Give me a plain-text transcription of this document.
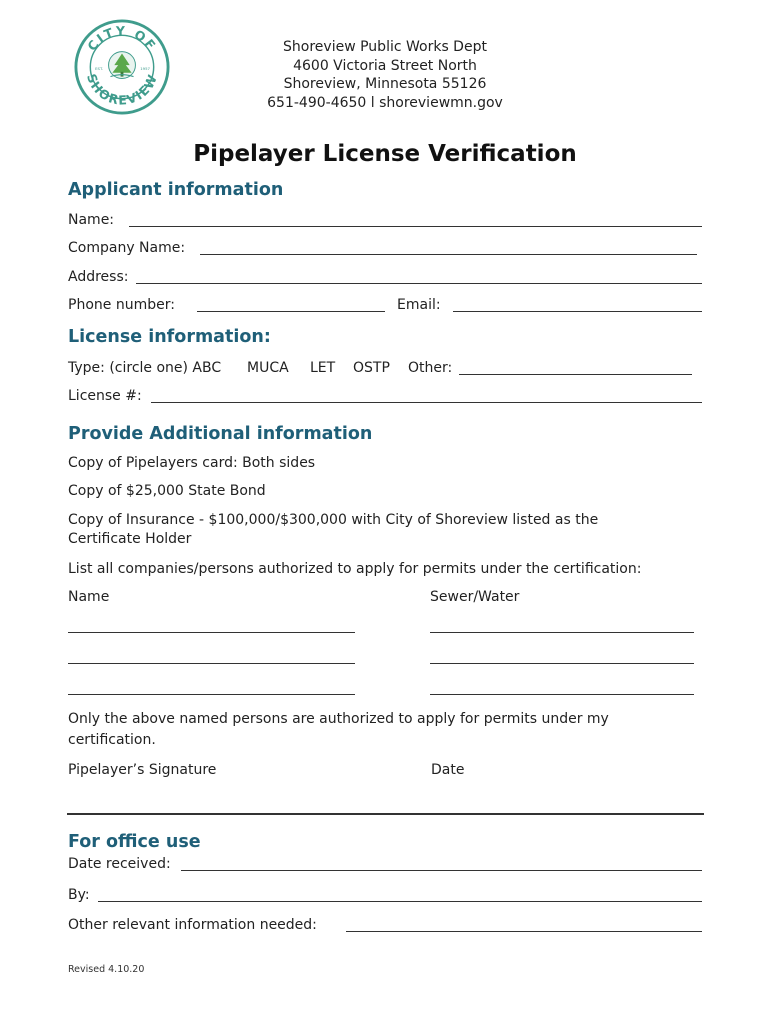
CITY OF
SHOREVIEW
EST.	1957
Shoreview Public Works Dept
4600 Victoria Street North
Shoreview, Minnesota 55126
651-490-4650 l shoreviewmn.gov
Pipelayer License Verification
Applicant information
Name:
Company Name:
Address:
Phone number:	Email:
License information:
Type: (circle one) ABC MUCA LET OSTP Other:
License #:
Provide Additional information
Copy of Pipelayers card: Both sides
Copy of $25,000 State Bond
Copy of Insurance - $100,000/$300,000 with City of Shoreview listed as the
Certificate Holder
List all companies/persons authorized to apply for permits under the certification:
Name	Sewer/Water
Only the above named persons are authorized to apply for permits under my
certification.
Pipelayer’s Signature	Date
For office use
Date received:
By:
Other relevant information needed:
Revised 4.10.20
